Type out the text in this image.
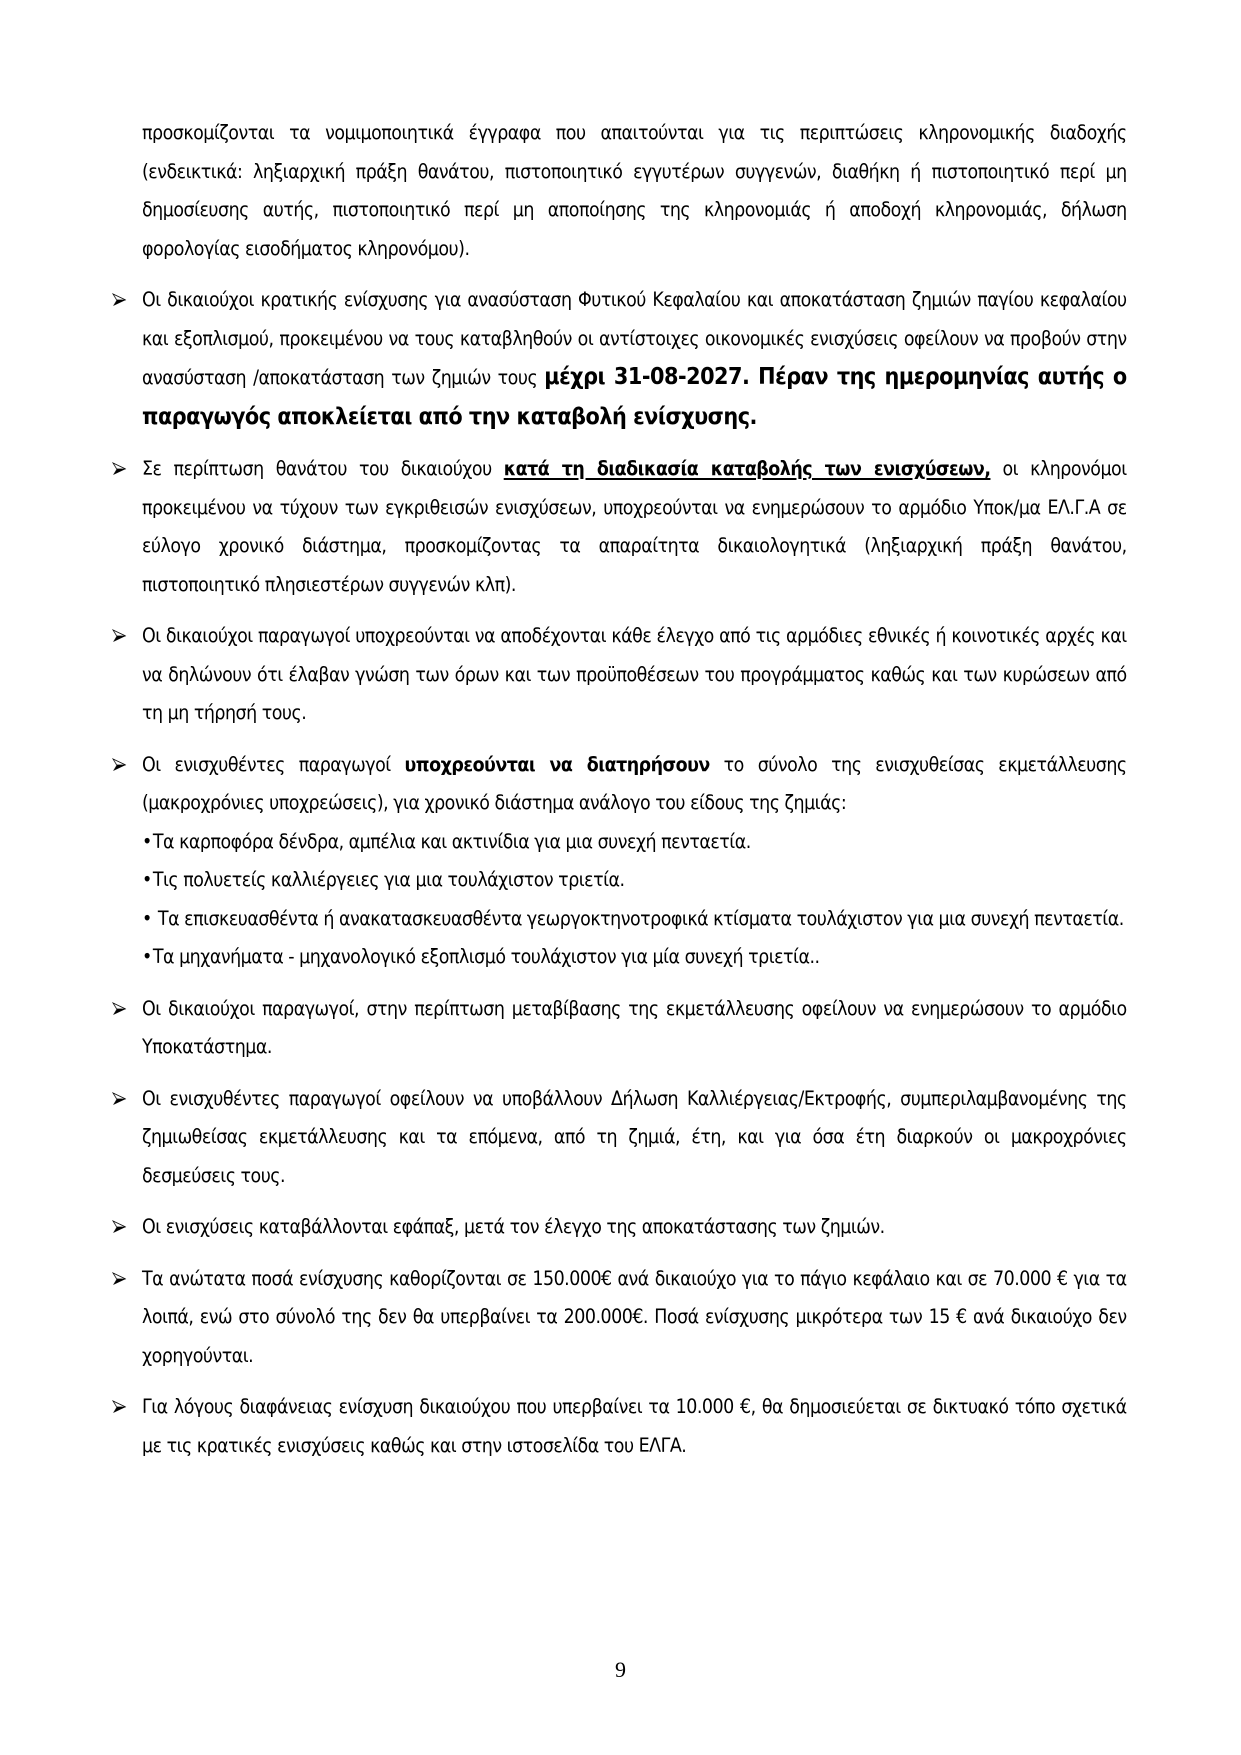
προσκομίζονται τα νομιμοποιητικά έγγραφα που απαιτούνται για τις περιπτώσεις κληρονομικής διαδοχής (ενδεικτικά: ληξιαρχική πράξη θανάτου, πιστοποιητικό εγγυτέρων συγγενών, διαθήκη ή πιστοποιητικό περί μη δημοσίευσης αυτής, πιστοποιητικό περί μη αποποίησης της κληρονομιάς ή αποδοχή κληρονομιάς, δήλωση φορολογίας εισοδήματος κληρονόμου).

Οι δικαιούχοι κρατικής ενίσχυσης για ανασύσταση Φυτικού Κεφαλαίου και αποκατάσταση ζημιών παγίου κεφαλαίου και εξοπλισμού, προκειμένου να τους καταβληθούν οι αντίστοιχες οικονομικές ενισχύσεις οφείλουν να προβούν στην ανασύσταση /αποκατάσταση των ζημιών τους μέχρι 31-08-2027. Πέραν της ημερομηνίας αυτής ο παραγωγός αποκλείεται από την καταβολή ενίσχυσης.

Σε περίπτωση θανάτου του δικαιούχου κατά τη διαδικασία καταβολής των ενισχύσεων, οι κληρονόμοι προκειμένου να τύχουν των εγκριθεισών ενισχύσεων, υποχρεούνται να ενημερώσουν το αρμόδιο Υποκ/μα ΕΛ.Γ.Α σε εύλογο χρονικό διάστημα, προσκομίζοντας τα απαραίτητα δικαιολογητικά (ληξιαρχική πράξη θανάτου, πιστοποιητικό πλησιεστέρων συγγενών κλπ).

Οι δικαιούχοι παραγωγοί υποχρεούνται να αποδέχονται κάθε έλεγχο από τις αρμόδιες εθνικές ή κοινοτικές αρχές και να δηλώνουν ότι έλαβαν γνώση των όρων και των προϋποθέσεων του προγράμματος καθώς και των κυρώσεων από τη μη τήρησή τους.

Οι ενισχυθέντες παραγωγοί υποχρεούνται να διατηρήσουν το σύνολο της ενισχυθείσας εκμετάλλευσης (μακροχρόνιες υποχρεώσεις), για χρονικό διάστημα ανάλογο του είδους της ζημιάς:

•Τα καρποφόρα δένδρα, αμπέλια και ακτινίδια για μια συνεχή πενταετία.

•Τις πολυετείς καλλιέργειες για μια τουλάχιστον τριετία.

• Τα επισκευασθέντα ή ανακατασκευασθέντα γεωργοκτηνοτροφικά κτίσματα τουλάχιστον για μια συνεχή πενταετία.

•Τα μηχανήματα - μηχανολογικό εξοπλισμό τουλάχιστον για μία συνεχή τριετία..

Οι δικαιούχοι παραγωγοί, στην περίπτωση μεταβίβασης της εκμετάλλευσης οφείλουν να ενημερώσουν το αρμόδιο Υποκατάστημα.

Οι ενισχυθέντες παραγωγοί οφείλουν να υποβάλλουν Δήλωση Καλλιέργειας/Εκτροφής, συμπεριλαμβανομένης της ζημιωθείσας εκμετάλλευσης και τα επόμενα, από τη ζημιά, έτη, και για όσα έτη διαρκούν οι μακροχρόνιες δεσμεύσεις τους.

Οι ενισχύσεις καταβάλλονται εφάπαξ, μετά τον έλεγχο της αποκατάστασης των ζημιών.

Τα ανώτατα ποσά ενίσχυσης καθορίζονται σε 150.000€ ανά δικαιούχο για το πάγιο κεφάλαιο και σε 70.000 € για τα λοιπά, ενώ στο σύνολό της δεν θα υπερβαίνει τα 200.000€. Ποσά ενίσχυσης μικρότερα των 15 € ανά δικαιούχο δεν χορηγούνται.

Για λόγους διαφάνειας ενίσχυση δικαιούχου που υπερβαίνει τα 10.000 €, θα δημοσιεύεται σε δικτυακό τόπο σχετικά με τις κρατικές ενισχύσεις καθώς και στην ιστοσελίδα του ΕΛΓΑ.

9
